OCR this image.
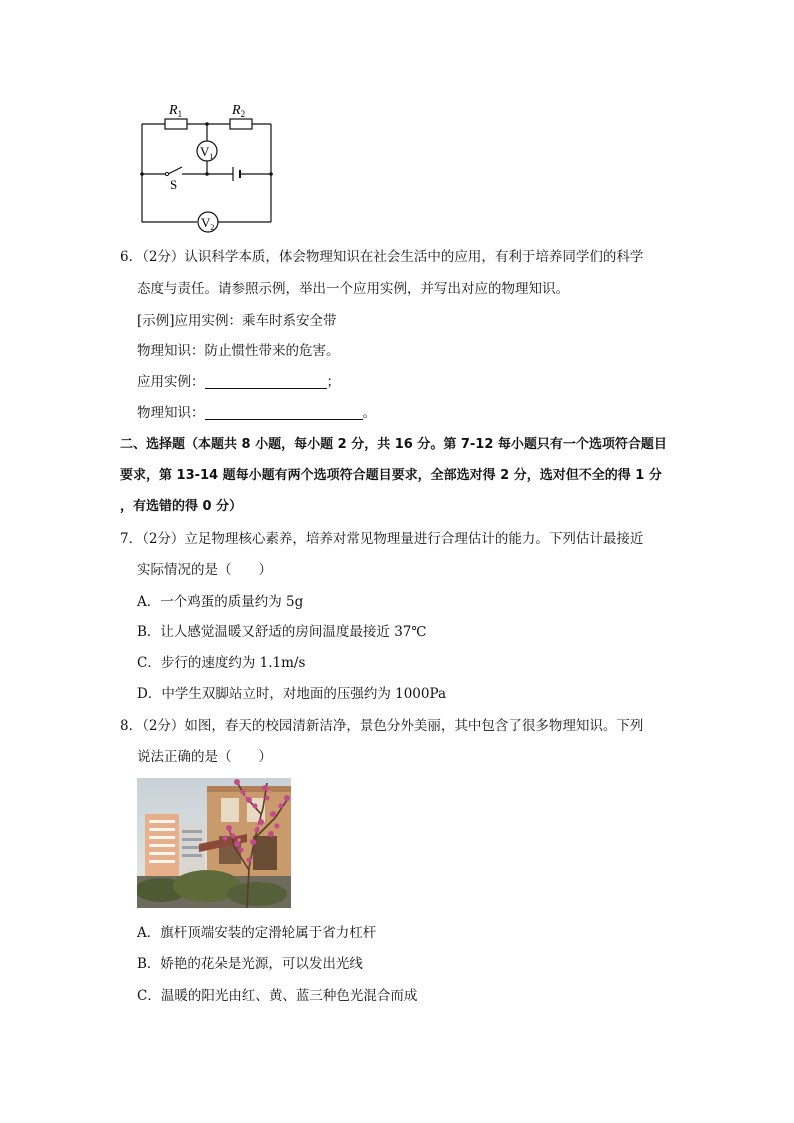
$R_1$	$R_2$
$V_1$
$V_2$
S
6．（2分）认识科学本质，体会物理知识在社会生活中的应用，有利于培养同学们的科学
态度与责任。请参照示例，举出一个应用实例，并写出对应的物理知识。
[示例]应用实例：乘车时系安全带
物理知识：防止惯性带来的危害。
应用实例：	；
物理知识：	。
二、选择题（本题共 8 小题，每小题 2 分，共 16 分。第 7-12 每小题只有一个选项符合题目
要求，第 13-14 题每小题有两个选项符合题目要求，全部选对得 2 分，选对但不全的得 1 分
，有选错的得 0 分）
7．（2分）立足物理核心素养，培养对常见物理量进行合理估计的能力。下列估计最接近
实际情况的是（　　）
A．一个鸡蛋的质量约为 5g
B．让人感觉温暖又舒适的房间温度最接近 37℃
C．步行的速度约为 1.1m/s
D．中学生双脚站立时，对地面的压强约为 1000Pa
8．（2分）如图，春天的校园清新洁净，景色分外美丽，其中包含了很多物理知识。下列
说法正确的是（　　）
A．旗杆顶端安装的定滑轮属于省力杠杆
B．娇艳的花朵是光源，可以发出光线
C．温暖的阳光由红、黄、蓝三种色光混合而成
